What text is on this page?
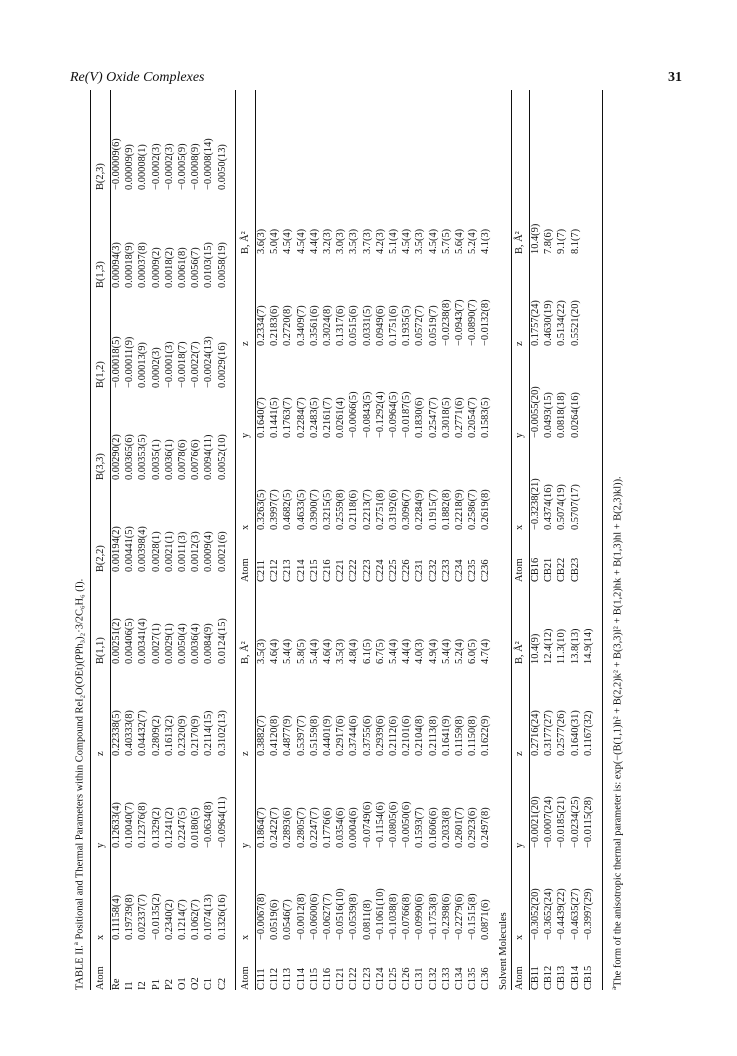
Re(V) Oxide Complexes	31
TABLE II.$^a$ Positional and Thermal Parameters within Compound ReI₂O(OEt)(PPh₃)₂·3/2C₆H₆ (I).
Atom	x	y	z	B(1,1)	B(2,2)	B(3,3)	B(1,2)	B(1,3)	B(2,3)
Re	0.11158(4)	0.12633(4)	0.22338(5)	0.00251(2)	0.00194(2)	0.00290(2)	−0.00018(5)	0.00094(3)	−0.00009(6)
I1	0.19739(8)	0.10040(7)	0.40333(8)	0.00406(5)	0.00441(5)	0.00365(6)	−0.00011(9)	0.00018(9)	0.00009(9)
I2	0.02337(7)	0.12376(8)	0.04432(7)	0.00341(4)	0.00398(4)	0.00353(5)	0.00013(9)	0.00037(8)	0.00008(1)
P1	−0.0135(2)	0.1329(2)	0.2809(2)	0.0027(1)	0.0028(1)	0.0035(1)	0.0002(3)	0.0009(2)	−0.0002(3)
P2	0.2340(2)	0.1241(2)	0.1613(2)	0.0029(1)	0.0021(1)	0.0036(1)	−0.0001(3)	0.0018(2)	−0.0002(3)
O1	0.1214(7)	0.2247(5)	0.2320(9)	0.0050(4)	0.0011(3)	0.0078(6)	−0.0018(7)	0.0061(8)	−0.0005(9)
O2	0.1062(7)	0.0180(5)	0.2170(9)	0.0036(4)	0.0012(3)	0.0076(6)	−0.0022(7)	0.0056(7)	−0.0008(9)
C1	0.1074(13)	−0.0634(8)	0.2114(15)	0.0084(9)	0.0009(4)	0.0094(11)	−0.0024(13)	0.0103(15)	−0.0008(14)
C2	0.1326(16)	−0.0964(11)	0.3102(13)	0.0124(15)	0.0021(6)	0.0052(10)	0.0029(16)	0.0058(19)	0.0050(13)
Atom	x	y	z	B, Å²	Atom	x	y	z	B, Å²
C111	−0.0067(8)	0.1864(7)	0.3882(7)	3.5(3)	C211	0.3263(5)	0.1640(7)	0.2334(7)	3.6(3)
C112	0.0519(6)	0.2422(7)	0.4120(8)	4.6(4)	C212	0.3997(7)	0.1441(5)	0.2183(6)	5.0(4)
C113	0.0546(7)	0.2893(6)	0.4877(9)	5.4(4)	C213	0.4682(5)	0.1763(7)	0.2720(8)	4.5(4)
C114	−0.0012(8)	0.2805(7)	0.5397(7)	5.8(5)	C214	0.4633(5)	0.2284(7)	0.3409(7)	4.5(4)
C115	−0.0600(6)	0.2247(7)	0.5159(8)	5.4(4)	C215	0.3900(7)	0.2483(5)	0.3561(6)	4.4(4)
C116	−0.0627(7)	0.1776(6)	0.4401(9)	4.6(4)	C216	0.3215(5)	0.2161(7)	0.3024(8)	3.2(3)
C121	−0.0516(10)	0.0354(6)	0.2917(6)	3.5(3)	C221	0.2559(8)	0.0261(4)	0.1317(6)	3.0(3)
C122	−0.0539(8)	0.0004(6)	0.3744(6)	4.8(4)	C222	0.2118(6)	−0.0066(5)	0.0515(6)	3.5(3)
C123	0.0811(8)	−0.0749(6)	0.3755(6)	6.1(5)	C223	0.2213(7)	−0.0843(5)	0.0331(5)	3.7(3)
C124	−0.1061(10)	−0.1154(6)	0.2939(6)	6.7(5)	C224	0.2751(8)	−0.1292(4)	0.0949(6)	4.2(3)
C125	−0.1038(8)	−0.0805(6)	0.2112(6)	5.4(4)	C225	0.3192(6)	−0.0964(5)	0.1751(6)	5.1(4)
C126	−0.0766(8)	−0.0050(6)	0.2101(6)	4.4(4)	C226	0.3096(7)	−0.0187(5)	0.1935(5)	4.5(4)
C131	−0.0990(6)	0.1593(7)	0.2104(8)	4.0(3)	C231	0.2284(9)	0.1830(6)	0.0572(7)	3.5(3)
C132	−0.1753(8)	0.1606(6)	0.2113(8)	4.9(4)	C232	0.1915(7)	0.2547(7)	0.0519(7)	4.5(4)
C133	−0.2398(6)	0.2033(8)	0.1641(9)	5.4(4)	C233	0.1882(8)	0.3018(5)	−0.0238(8)	5.7(5)
C134	−0.2279(6)	0.2601(7)	0.1159(8)	5.2(4)	C234	0.2218(9)	0.2771(6)	−0.0943(7)	5.6(4)
C135	−0.1515(8)	0.2923(6)	0.1150(8)	6.0(5)	C235	0.2586(7)	0.2054(7)	−0.0890(7)	5.2(4)
C136	0.0871(6)	0.2497(8)	0.1622(9)	4.7(4)	C236	0.2619(8)	0.1583(5)	−0.0132(8)	4.1(3)
Solvent Molecules Atom	x	y	z	B, Å²	Atom	x	y	z	B, Å²
CB11	−0.3052(20)	−0.0021(20)	0.2716(24)	10.4(9)	CB16	−0.3238(21)	−0.0055(20)	0.1757(24)	10.4(9)
CB12	−0.3652(24)	−0.0007(24)	0.3177(27)	12.4(12)	CB21	0.4374(16)	0.0493(15)	0.4630(19)	7.8(6)
CB13	−0.4439(22)	−0.0185(21)	0.2577(26)	11.3(10)	CB22	0.5074(19)	0.0818(18)	0.5134(22)	9.1(7)
CB14	−0.4635(27)	−0.0234(25)	0.1640(31)	13.8(13)	CB23	0.5707(17)	0.0264(16)	0.5521(20)	8.1(7)
CB15	−0.3997(29)	−0.0115(28)	0.1167(32)	14.9(14)					
$^a$The form of the anisotropic thermal parameter is: exp(−(B(1,1)h² + B(2,2)k² + B(3,3)l² + B(1,2)hk + B(1,3)hl + B(2,3)kl)).
